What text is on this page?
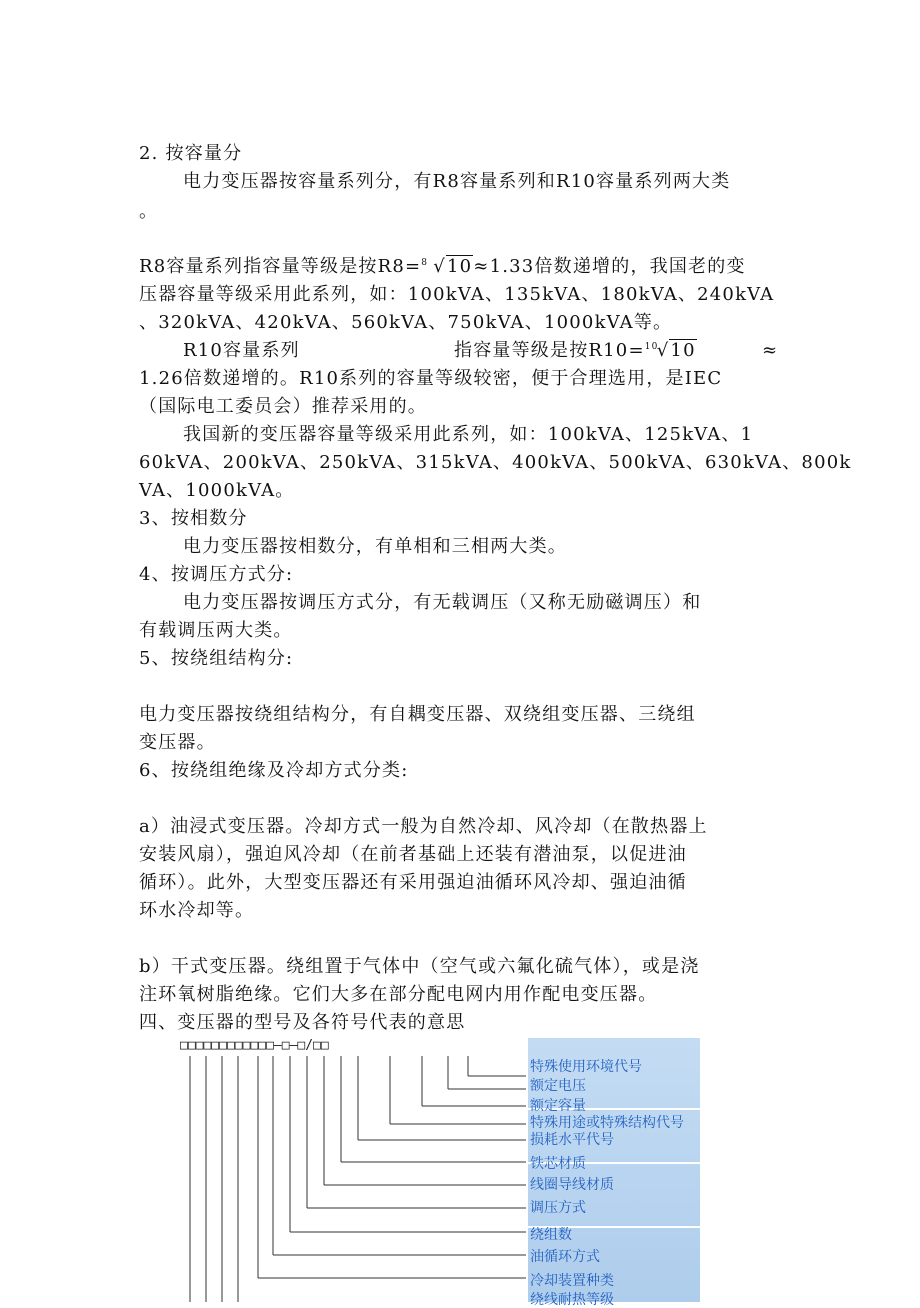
2. 按容量分
电力变压器按容量系列分，有R8容量系列和R10容量系列两大类
。
R8容量系列指容量等级是按R8= 8 √10≈1.33倍数递增的，我国老的变
压器容量等级采用此系列，如：100kVA、135kVA、180kVA、240kVA
、320kVA、420kVA、560kVA、750kVA、1000kVA等。
R10容量系列	指容量等级是按R10= 10
√10	≈
1.26倍数递增的。R10系列的容量等级较密，便于合理选用，是IEC
（国际电工委员会）推荐采用的。
我国新的变压器容量等级采用此系列，如：100kVA、125kVA、1
60kVA、200kVA、250kVA、315kVA、400kVA、500kVA、630kVA、800k
VA、1000kVA。
3、按相数分
电力变压器按相数分，有单相和三相两大类。
4、按调压方式分:
电力变压器按调压方式分，有无载调压（又称无励磁调压）和
有载调压两大类。
5、按绕组结构分:
电力变压器按绕组结构分，有自耦变压器、双绕组变压器、三绕组
变压器。
6、按绕组绝缘及冷却方式分类:
a）油浸式变压器。冷却方式一般为自然冷却、风冷却（在散热器上
安装风扇），强迫风冷却（在前者基础上还装有潜油泵，以促进油
循环）。此外，大型变压器还有采用强迫油循环风冷却、强迫油循
环水冷却等。
b）干式变压器。绕组置于气体中（空气或六氟化硫气体），或是浇
注环氧树脂绝缘。它们大多在部分配电网内用作配电变压器。
四、变压器的型号及各符号代表的意思
□□□□□□□□□□□□—□—□/□□
特殊使用环境代号
额定电压
额定容量
特殊用途或特殊结构代号
损耗水平代号
铁芯材质
线圈导线材质
调压方式
绕组数
油循环方式
冷却装置种类
绕线耐热等级
